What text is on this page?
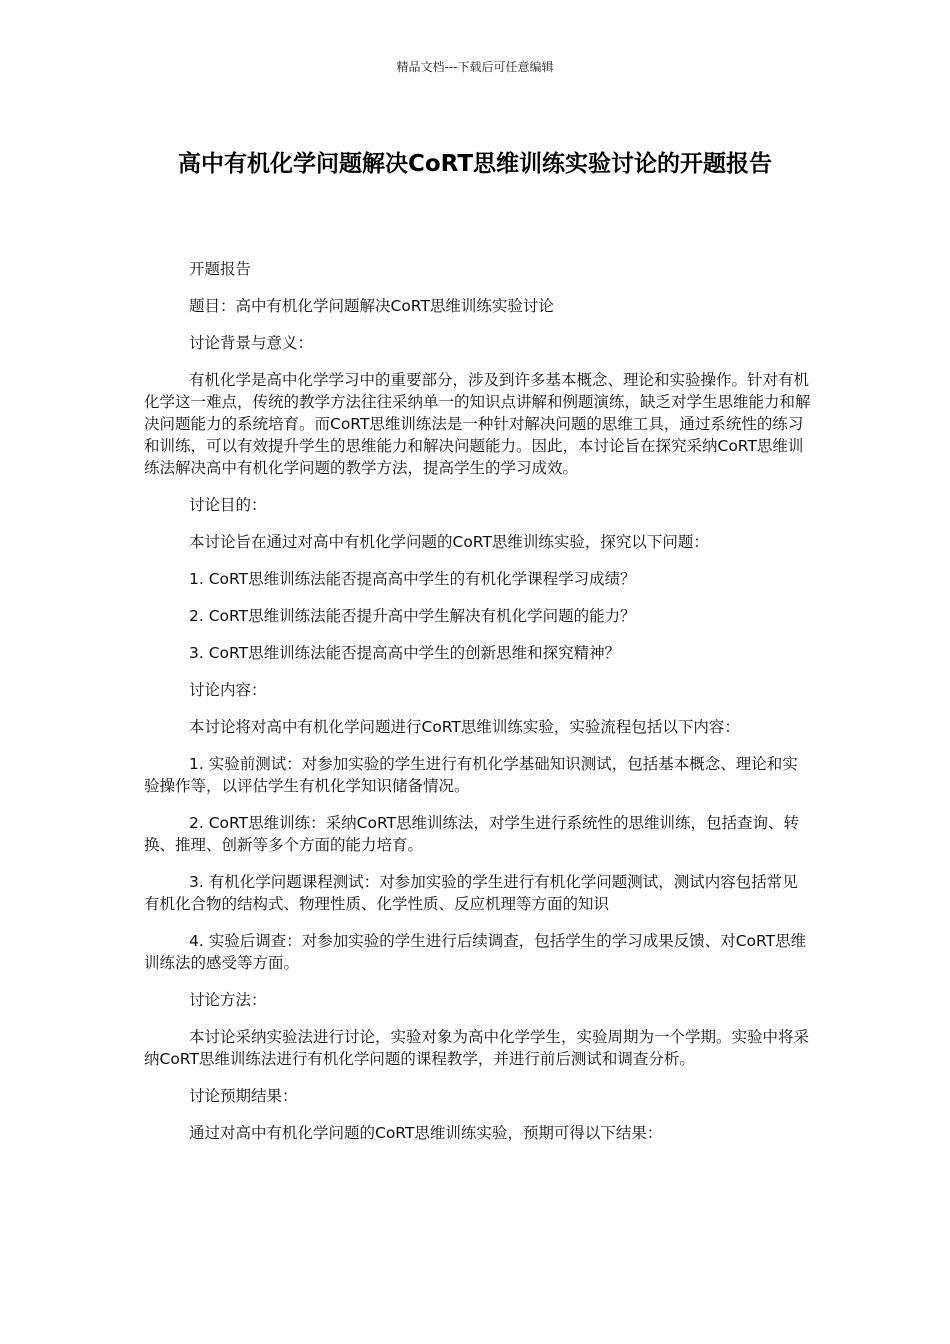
精品文档---下载后可任意编辑
高中有机化学问题解决CoRT思维训练实验讨论的开题报告

开题报告

题目：高中有机化学问题解决CoRT思维训练实验讨论

讨论背景与意义：

有机化学是高中化学学习中的重要部分，涉及到许多基本概念、理论和实验操作。针对有机化学这一难点，传统的教学方法往往采纳单一的知识点讲解和例题演练，缺乏对学生思维能力和解决问题能力的系统培育。而CoRT思维训练法是一种针对解决问题的思维工具，通过系统性的练习和训练，可以有效提升学生的思维能力和解决问题能力。因此，本讨论旨在探究采纳CoRT思维训练法解决高中有机化学问题的教学方法，提高学生的学习成效。

讨论目的：

本讨论旨在通过对高中有机化学问题的CoRT思维训练实验，探究以下问题：

1. CoRT思维训练法能否提高高中学生的有机化学课程学习成绩？

2. CoRT思维训练法能否提升高中学生解决有机化学问题的能力？

3. CoRT思维训练法能否提高高中学生的创新思维和探究精神？

讨论内容：

本讨论将对高中有机化学问题进行CoRT思维训练实验，实验流程包括以下内容：

1. 实验前测试：对参加实验的学生进行有机化学基础知识测试，包括基本概念、理论和实验操作等，以评估学生有机化学知识储备情况。

2. CoRT思维训练：采纳CoRT思维训练法，对学生进行系统性的思维训练，包括查询、转换、推理、创新等多个方面的能力培育。

3. 有机化学问题课程测试：对参加实验的学生进行有机化学问题测试，测试内容包括常见有机化合物的结构式、物理性质、化学性质、反应机理等方面的知识

4. 实验后调查：对参加实验的学生进行后续调查，包括学生的学习成果反馈、对CoRT思维训练法的感受等方面。

讨论方法：

本讨论采纳实验法进行讨论，实验对象为高中化学学生，实验周期为一个学期。实验中将采纳CoRT思维训练法进行有机化学问题的课程教学，并进行前后测试和调查分析。

讨论预期结果：

通过对高中有机化学问题的CoRT思维训练实验，预期可得以下结果：
